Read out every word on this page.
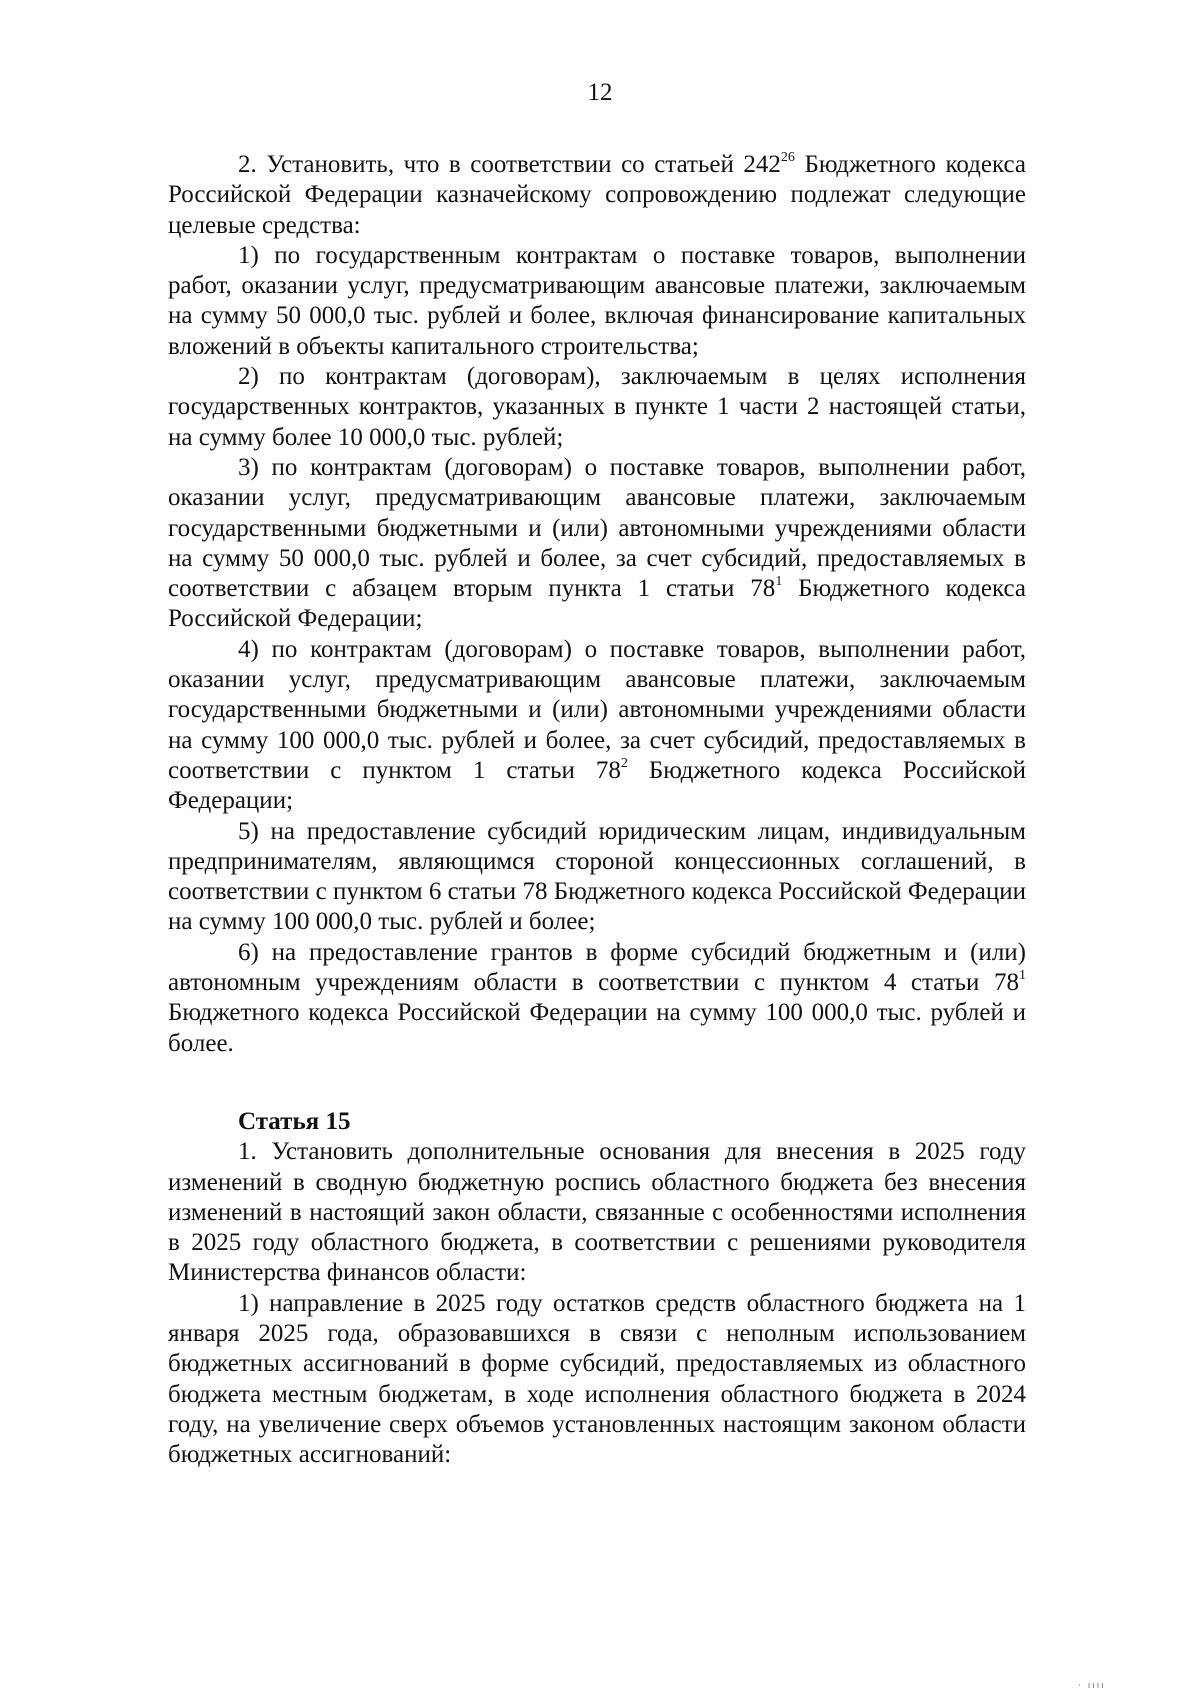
12

2. Установить, что в соответствии со статьей $242^{26}$ Бюджетного кодекса Российской Федерации казначейскому сопровождению подлежат следующие целевые средства:

1) по государственным контрактам о поставке товаров, выполнении работ, оказании услуг, предусматривающим авансовые платежи, заключаемым на сумму 50 000,0 тыс. рублей и более, включая финансирование капитальных вложений в объекты капитального строительства;

2) по контрактам (договорам), заключаемым в целях исполнения государственных контрактов, указанных в пункте 1 части 2 настоящей статьи, на сумму более 10 000,0 тыс. рублей;

3) по контрактам (договорам) о поставке товаров, выполнении работ, оказании услуг, предусматривающим авансовые платежи, заключаемым государственными бюджетными и (или) автономными учреждениями области на сумму 50 000,0 тыс. рублей и более, за счет субсидий, предоставляемых в соответствии с абзацем вторым пункта 1 статьи $78^1$ Бюджетного кодекса Российской Федерации;

4) по контрактам (договорам) о поставке товаров, выполнении работ, оказании услуг, предусматривающим авансовые платежи, заключаемым государственными бюджетными и (или) автономными учреждениями области на сумму 100 000,0 тыс. рублей и более, за счет субсидий, предоставляемых в соответствии с пунктом 1 статьи $78^2$ Бюджетного кодекса Российской Федерации;

5) на предоставление субсидий юридическим лицам, индивидуальным предпринимателям, являющимся стороной концессионных соглашений, в соответствии с пунктом 6 статьи 78 Бюджетного кодекса Российской Федерации на сумму 100 000,0 тыс. рублей и более;

6) на предоставление грантов в форме субсидий бюджетным и (или) автономным учреждениям области в соответствии с пунктом 4 статьи $78^1$ Бюджетного кодекса Российской Федерации на сумму 100 000,0 тыс. рублей и более.

Статья 15

1. Установить дополнительные основания для внесения в 2025 году изменений в сводную бюджетную роспись областного бюджета без внесения изменений в настоящий закон области, связанные с особенностями исполнения в 2025 году областного бюджета, в соответствии с решениями руководителя Министерства финансов области:

1) направление в 2025 году остатков средств областного бюджета на 1 января 2025 года, образовавшихся в связи с неполным использованием бюджетных ассигнований в форме субсидий, предоставляемых из областного бюджета местным бюджетам, в ходе исполнения областного бюджета в 2024 году, на увеличение сверх объемов установленных настоящим законом области бюджетных ассигнований:

· ıııı
